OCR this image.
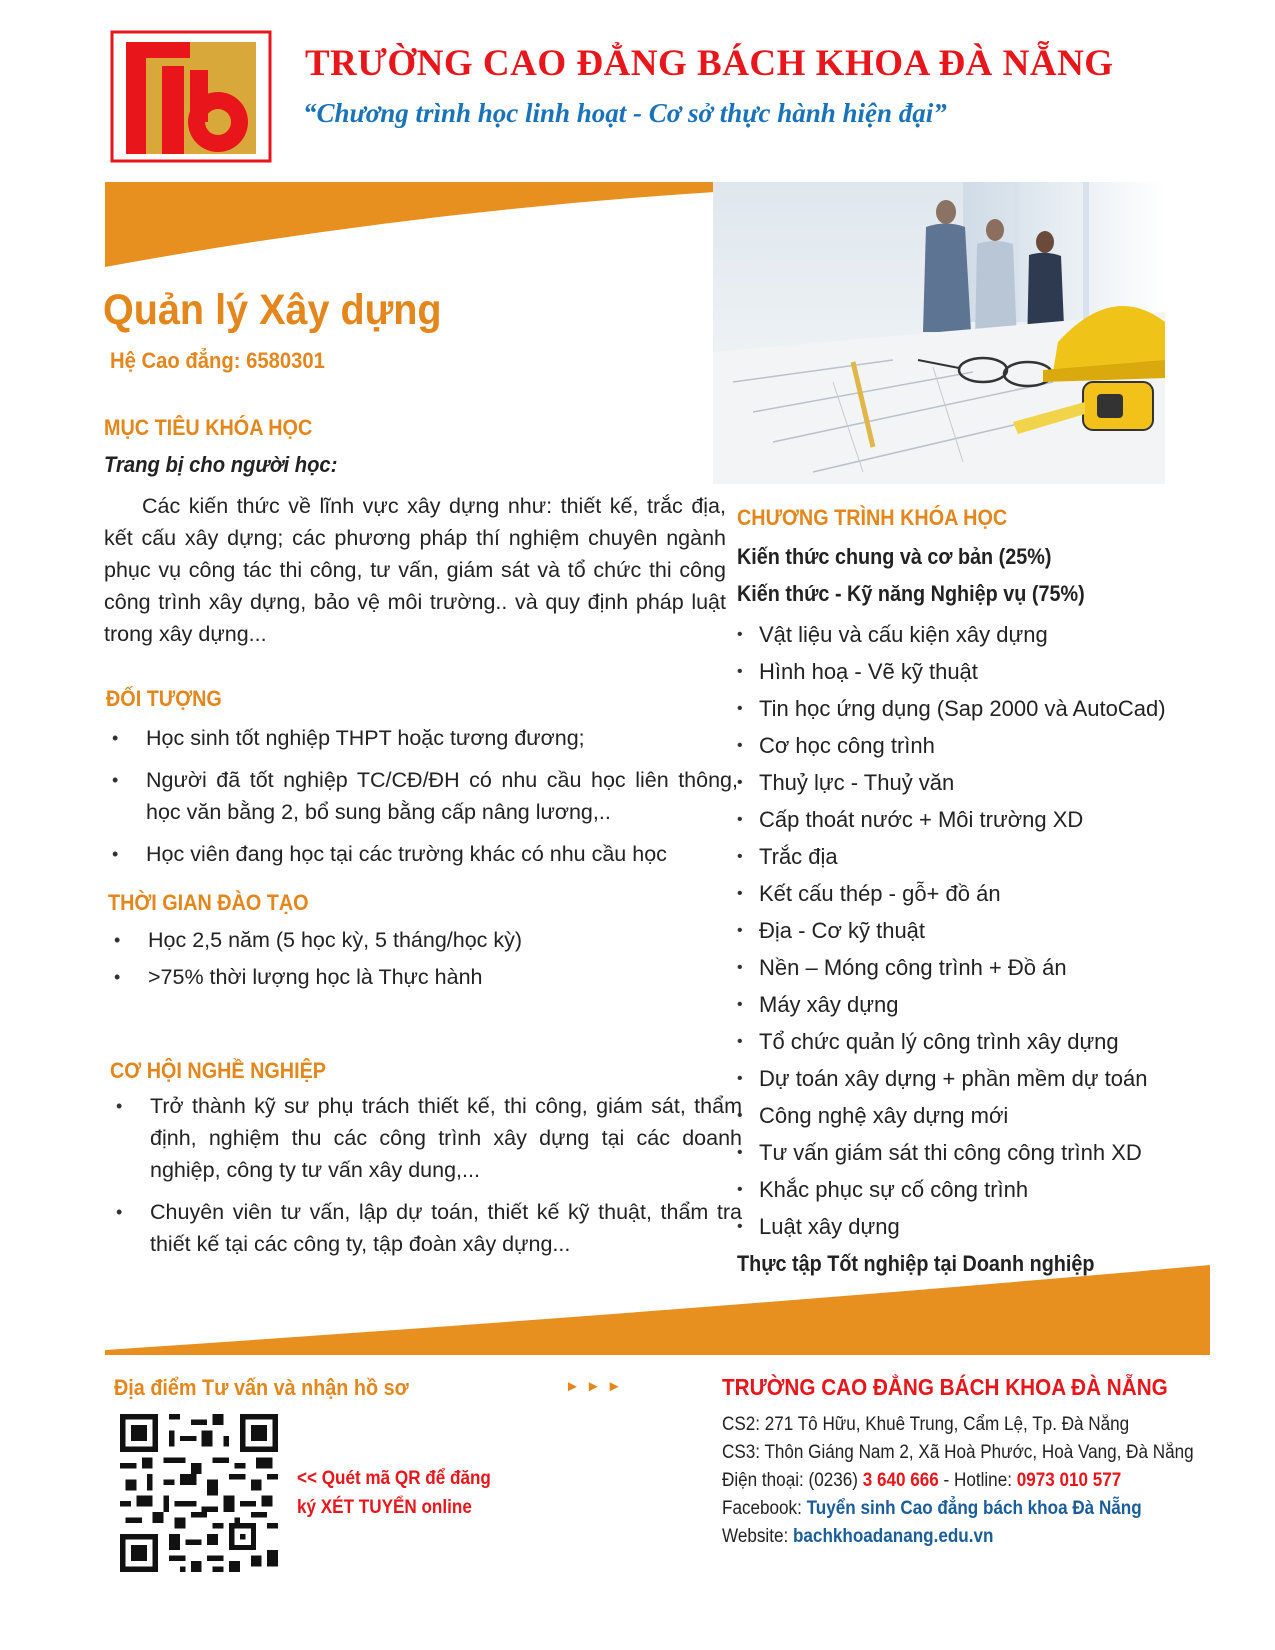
TRƯỜNG CAO ĐẲNG BÁCH KHOA ĐÀ NẴNG
“Chương trình học linh hoạt - Cơ sở thực hành hiện đại”
Quản lý Xây dựng
Hệ Cao đẳng: 6580301
MỤC TIÊU KHÓA HỌC
Trang bị cho người học:
Các kiến thức về lĩnh vực xây dựng như: thiết kế, trắc địa, kết cấu xây dựng; các phương pháp thí nghiệm chuyên ngành phục vụ công tác thi công, tư vấn, giám sát và tổ chức thi công công trình xây dựng, bảo vệ môi trường.. và quy định pháp luật trong xây dựng...
ĐỐI TƯỢNG
• Học sinh tốt nghiệp THPT hoặc tương đương;
• Người đã tốt nghiệp TC/CĐ/ĐH có nhu cầu học liên thông, học văn bằng 2, bổ sung bằng cấp nâng lương,..
• Học viên đang học tại các trường khác có nhu cầu học
THỜI GIAN ĐÀO TẠO
• Học 2,5 năm (5 học kỳ, 5 tháng/học kỳ)
• >75% thời lượng học là Thực hành
CƠ HỘI NGHỀ NGHIỆP
• Trở thành kỹ sư phụ trách thiết kế, thi công, giám sát, thẩm định, nghiệm thu các công trình xây dựng tại các doanh nghiệp, công ty tư vấn xây dung,...
• Chuyên viên tư vấn, lập dự toán, thiết kế kỹ thuật, thẩm tra thiết kế tại các công ty, tập đoàn xây dựng...
CHƯƠNG TRÌNH KHÓA HỌC
Kiến thức chung và cơ bản (25%)
Kiến thức - Kỹ năng Nghiệp vụ (75%)
• Vật liệu và cấu kiện xây dựng
• Hình hoạ - Vẽ kỹ thuật
• Tin học ứng dụng (Sap 2000 và AutoCad)
• Cơ học công trình
• Thuỷ lực - Thuỷ văn
• Cấp thoát nước + Môi trường XD
• Trắc địa
• Kết cấu thép - gỗ+ đồ án
• Địa - Cơ kỹ thuật
• Nền – Móng công trình + Đồ án
• Máy xây dựng
• Tổ chức quản lý công trình xây dựng
• Dự toán xây dựng + phần mềm dự toán
• Công nghệ xây dựng mới
• Tư vấn giám sát thi công công trình XD
• Khắc phục sự cố công trình
• Luật xây dựng
Thực tập Tốt nghiệp tại Doanh nghiệp
Địa điểm Tư vấn và nhận hồ sơ	►►►
<< Quét mã QR để đăng
ký XÉT TUYỂN online
TRƯỜNG CAO ĐẲNG BÁCH KHOA ĐÀ NẴNG
CS2: 271 Tô Hữu, Khuê Trung, Cẩm Lệ, Tp. Đà Nẵng
CS3: Thôn Giáng Nam 2, Xã Hoà Phước, Hoà Vang, Đà Nẵng
Điện thoại: (0236) 3 640 666 - Hotline: 0973 010 577
Facebook: Tuyển sinh Cao đẳng bách khoa Đà Nẵng
Website: bachkhoadanang.edu.vn
